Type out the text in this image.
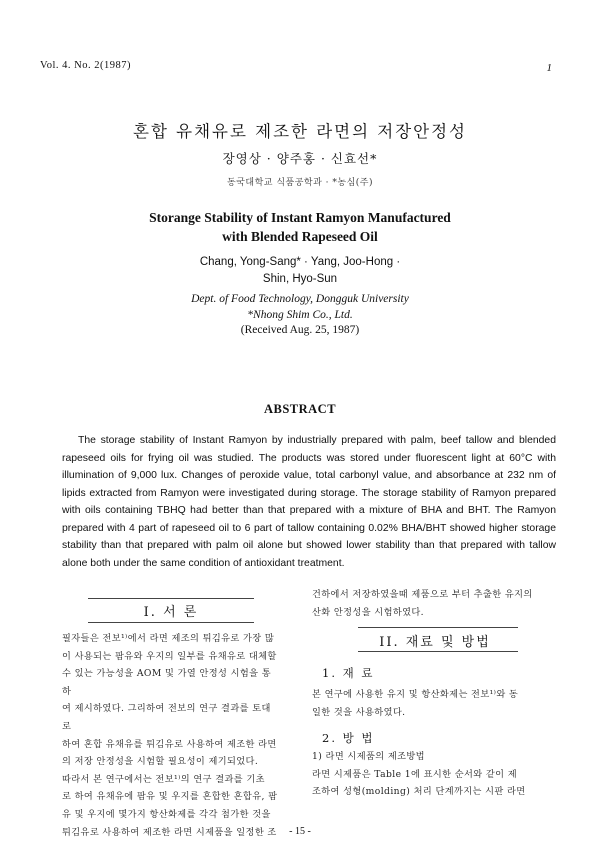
Vol. 4. No. 2(1987)	1
혼합 유채유로 제조한 라면의 저장안정성
장영상 · 양주홍 · 신효선*
동국대학교 식품공학과 · *농심(주)
Storange Stability of Instant Ramyon Manufactured
with Blended Rapeseed Oil
Chang, Yong-Sang* · Yang, Joo-Hong ·
Shin, Hyo-Sun
Dept. of Food Technology, Dongguk University
*Nhong Shim Co., Ltd.
(Received Aug. 25, 1987)
ABSTRACT
The storage stability of Instant Ramyon by industrially prepared with palm, beef tallow and blended rapeseed oils for frying oil was studied. The products was stored under fluorescent light at 60°C with illumination of 9,000 lux. Changes of peroxide value, total carbonyl value, and absorbance at 232 nm of lipids extracted from Ramyon were investigated during storage. The storage stability of Ramyon prepared with oils containing TBHQ had better than that prepared with a mixture of BHA and BHT. The Ramyon prepared with 4 part of rapeseed oil to 6 part of tallow containing 0.02% BHA/BHT showed higher storage stability than that prepared with palm oil alone but showed lower stability than that prepared with tallow alone both under the same condition of antioxidant treatment.
I. 서 론
필자들은 전보¹⁾에서 라면 제조의 튀김유로 가장 많
이 사용되는 팜유와 우지의 일부를 유채유로 대체할
수 있는 가능성을 AOM 및 가열 안정성 시험을 통하
여 제시하였다. 그리하여 전보의 연구 결과를 토대로
하여 혼합 유채유를 튀김유로 사용하여 제조한 라면
의 저장 안정성을 시험할 필요성이 제기되었다.
따라서 본 연구에서는 전보¹⁾의 연구 결과를 기초
로 하여 유채유에 팜유 및 우지를 혼합한 혼합유, 팜
유 및 우지에 몇가지 항산화제를 각각 첨가한 것을
튀김유로 사용하여 제조한 라면 시제품을 일정한 조
건하에서 저장하였을때 제품으로 부터 추출한 유지의
산화 안정성을 시험하였다.
II. 재료 및 방법
1. 재 료
본 연구에 사용한 유지 및 항산화제는 전보¹⁾와 동
일한 것을 사용하였다.
2. 방 법
1) 라면 시제품의 제조방법
라면 시제품은 Table 1에 표시한 순서와 같이 제
조하여 성형(molding) 처리 단계까지는 시판 라면
- 15 -
